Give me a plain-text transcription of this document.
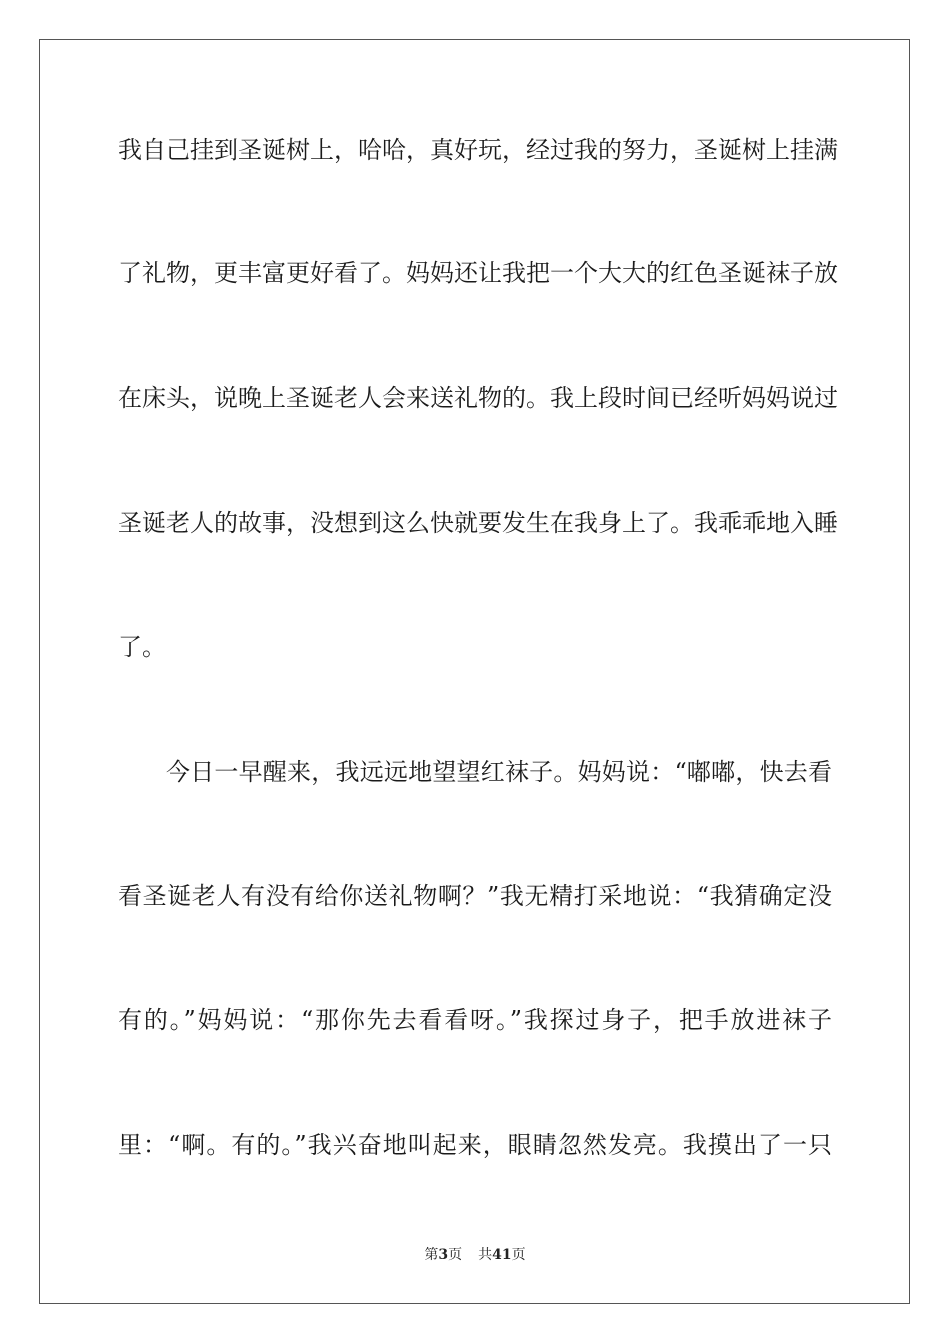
我自己挂到圣诞树上，哈哈，真好玩，经过我的努力，圣诞树上挂满
了礼物，更丰富更好看了。妈妈还让我把一个大大的红色圣诞袜子放
在床头，说晚上圣诞老人会来送礼物的。我上段时间已经听妈妈说过
圣诞老人的故事，没想到这么快就要发生在我身上了。我乖乖地入睡
了。
今日一早醒来，我远远地望望红袜子。妈妈说：“嘟嘟，快去看
看圣诞老人有没有给你送礼物啊？”我无精打采地说：“我猜确定没
有的。”妈妈说：“那你先去看看呀。”我探过身子，把手放进袜子
里：“啊。有的。”我兴奋地叫起来，眼睛忽然发亮。我摸出了一只
第3页 共41页
